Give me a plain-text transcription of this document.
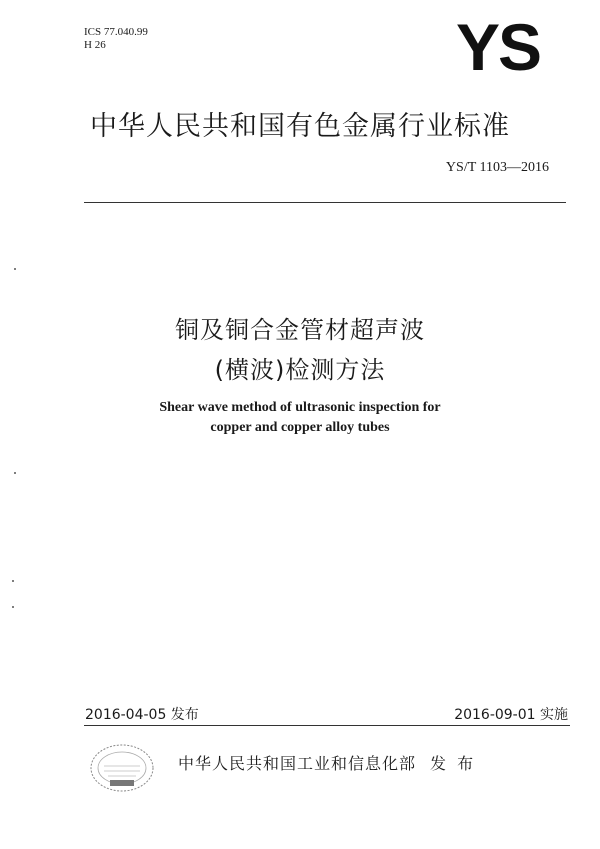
ICS 77.040.99
H 26	YS
中华人民共和国有色金属行业标准
YS/T 1103—2016
铜及铜合金管材超声波
(横波)检测方法
Shear wave method of ultrasonic inspection for
copper and copper alloy tubes
2016-04-05 发布	2016-09-01 实施
中华人民共和国工业和信息化部 发 布
